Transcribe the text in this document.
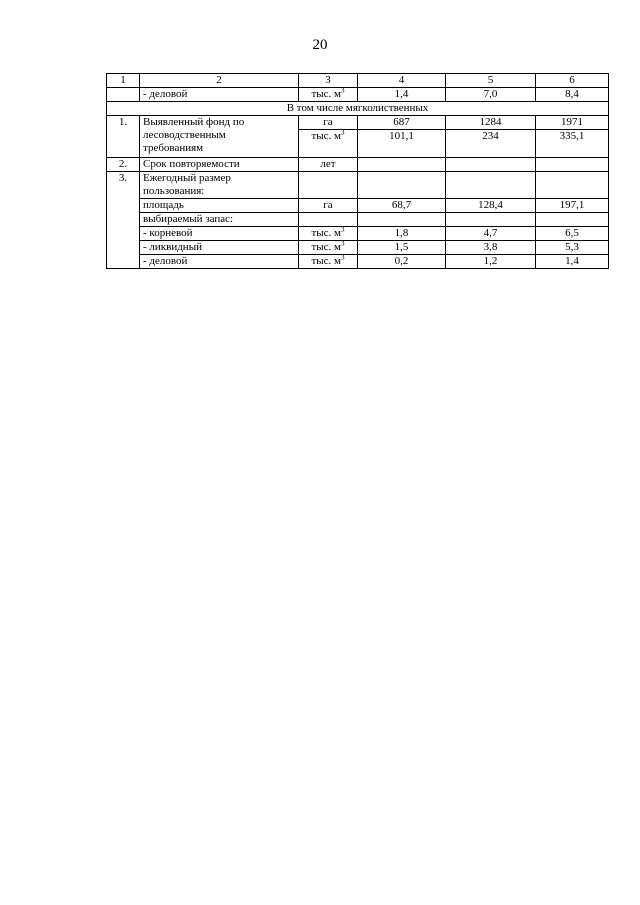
20
1	2	3	4	5	6
	- деловой	тыс. $м^3$	1,4	7,0	8,4
В том числе мягколиственных					
1.	Выявленный фонд по
лесоводственным
требованиям	га	687	1284	1971
		тыс. $м^3$	101,1	234	335,1
2.	Срок повторяемости	лет			
3.	Ежегодный размер
пользования:				

	площадь	га	68,7	128,4	197,1
	выбираемый запас:				
	- корневой	тыс. $м^3$	1,8	4,7	6,5
	- ликвидный	тыс. $м^3$	1,5	3,8	5,3
	- деловой	тыс. $м^3$	0,2	1,2	1,4
